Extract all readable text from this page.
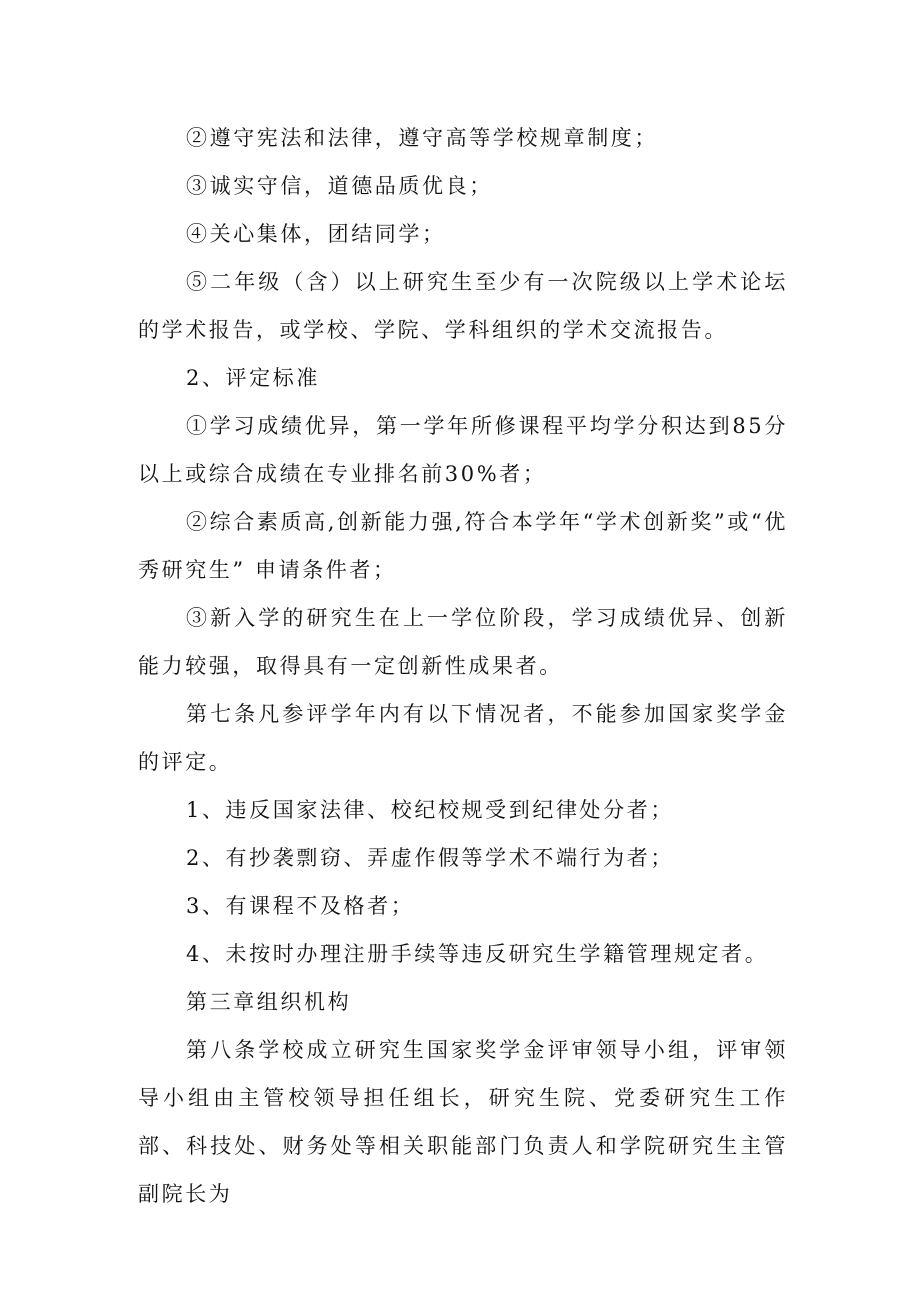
②遵守宪法和法律，遵守高等学校规章制度；

③诚实守信，道德品质优良；

④关心集体，团结同学；

⑤二年级（含）以上研究生至少有一次院级以上学术论坛的学术报告，或学校、学院、学科组织的学术交流报告。

2、评定标准

①学习成绩优异，第一学年所修课程平均学分积达到85分以上或综合成绩在专业排名前30%者；

②综合素质高,创新能力强,符合本学年“学术创新奖”或“优秀研究生” 申请条件者；

③新入学的研究生在上一学位阶段，学习成绩优异、创新能力较强，取得具有一定创新性成果者。

第七条凡参评学年内有以下情况者，不能参加国家奖学金的评定。

1、违反国家法律、校纪校规受到纪律处分者；

2、有抄袭剽窃、弄虚作假等学术不端行为者；

3、有课程不及格者；

4、未按时办理注册手续等违反研究生学籍管理规定者。

第三章组织机构

第八条学校成立研究生国家奖学金评审领导小组，评审领导小组由主管校领导担任组长，研究生院、党委研究生工作部、科技处、财务处等相关职能部门负责人和学院研究生主管副院长为
